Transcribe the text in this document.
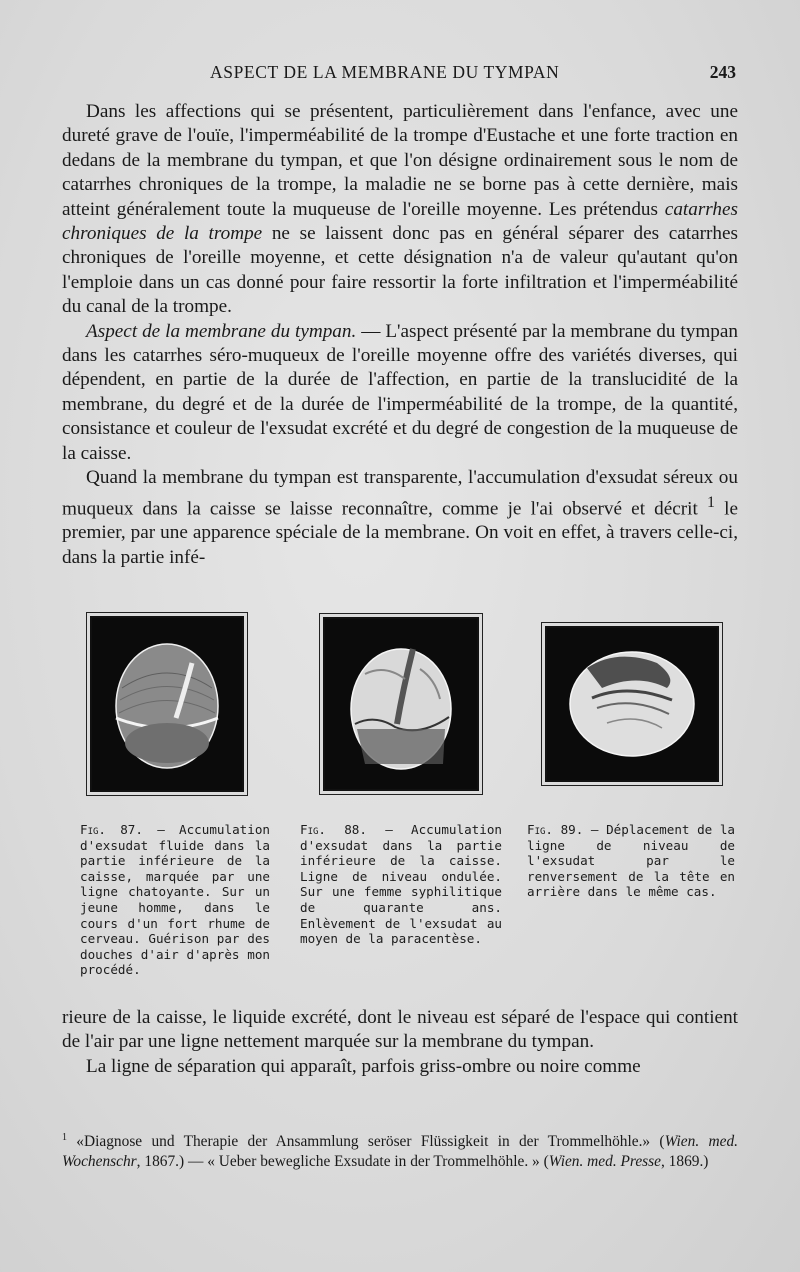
ASPECT DE LA MEMBRANE DU TYMPAN	243

Dans les affections qui se présentent, particulièrement dans l'enfance, avec une dureté grave de l'ouïe, l'imperméabilité de la trompe d'Eustache et une forte traction en dedans de la membrane du tympan, et que l'on désigne ordinairement sous le nom de catarrhes chroniques de la trompe, la maladie ne se borne pas à cette dernière, mais atteint généralement toute la muqueuse de l'oreille moyenne. Les prétendus catarrhes chroniques de la trompe ne se laissent donc pas en général séparer des catarrhes chroniques de l'oreille moyenne, et cette désignation n'a de valeur qu'autant qu'on l'emploie dans un cas donné pour faire ressortir la forte infiltration et l'imperméabilité du canal de la trompe.

Aspect de la membrane du tympan. — L'aspect présenté par la membrane du tympan dans les catarrhes séro-muqueux de l'oreille moyenne offre des variétés diverses, qui dépendent, en partie de la durée de l'affection, en partie de la translucidité de la membrane, du degré et de la durée de l'imperméabilité de la trompe, de la quantité, consistance et couleur de l'exsudat excrété et du degré de congestion de la muqueuse de la caisse.

Quand la membrane du tympan est transparente, l'accumulation d'exsudat séreux ou muqueux dans la caisse se laisse reconnaître, comme je l'ai observé et décrit $^1$ le premier, par une apparence spéciale de la membrane. On voit en effet, à travers celle-ci, dans la partie infé-

Fig. 87. — Accumulation d'exsudat fluide dans la partie inférieure de la caisse, marquée par une ligne chatoyante. Sur un jeune homme, dans le cours d'un fort rhume de cerveau. Guérison par des douches d'air d'après mon procédé.
Fig. 88. — Accumulation d'exsudat dans la partie inférieure de la caisse. Ligne de niveau ondulée. Sur une femme syphilitique de quarante ans. Enlèvement de l'exsudat au moyen de la paracentèse.
Fig. 89. — Déplacement de la ligne de niveau de l'exsudat par le renversement de la tête en arrière dans le même cas.

rieure de la caisse, le liquide excrété, dont le niveau est séparé de l'espace qui contient de l'air par une ligne nettement marquée sur la membrane du tympan.

La ligne de séparation qui apparaît, parfois griss-ombre ou noire comme

$^1$ «Diagnose und Therapie der Ansammlung seröser Flüssigkeit in der Trommelhöhle.» (Wien. med. Wochenschr, 1867.) — « Ueber bewegliche Exsudate in der Trommelhöhle. » (Wien. med. Presse, 1869.)
